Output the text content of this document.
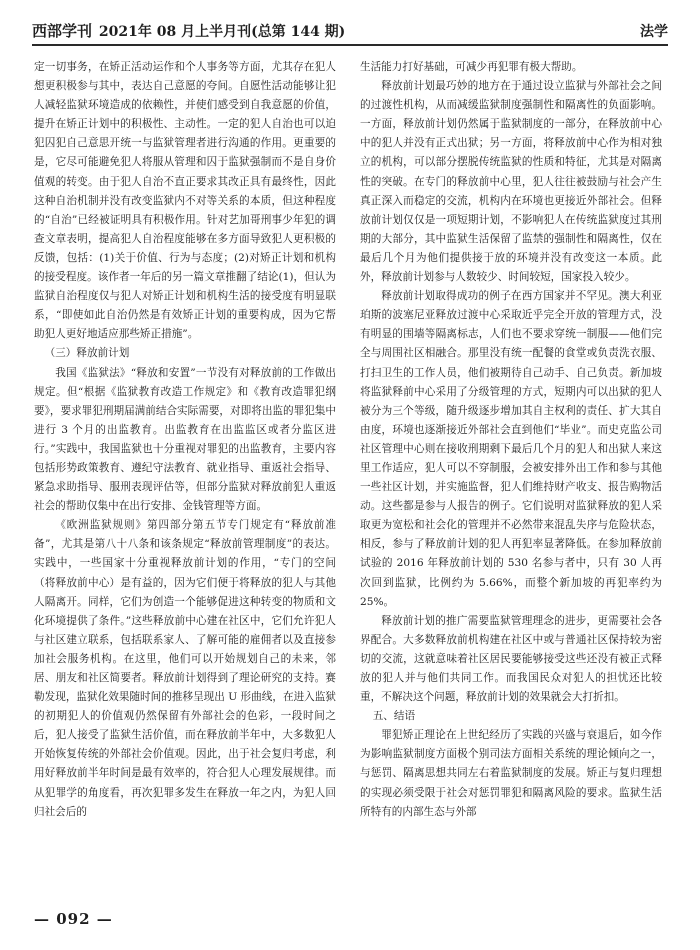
西部学刊 2021年 08 月上半月刊(总第 144 期)	法学

定一切事务，在矫正活动运作和个人事务等方面，尤其存在犯人想更积极参与其中，表达自己意愿的夸间。自愿性活动能够让犯人减轻监狱环境造成的依赖性，并使们感受到自我意愿的价值，提升在矫正计划中的积极性、主动性。一定的犯人自治也可以迫犯囚犯自己意思开统一与监狱管理者进行沟通的作用。更重要的是，它尽可能避免犯人将服从管理和囚于监狱强制而不是自身价值观的转变。由于犯人自治不直正要求其改正具有最终性，因此这种自治机制并没有改变监狱内不对等关系的本质，但这种程度的“自治”已经被证明具有积极作用。针对艺加哥刑事少年犯的调查文章表明，提高犯人自治程度能够在多方面导致犯人更积极的反馈，包括：(1)关于价值、行为与态度；(2)对矫正计划和机构的接受程度。该作者一年后的另一篇文章推翻了结论(1)，但认为监狱自治程度仅与犯人对矫正计划和机构生活的接受度有明显联系，“即使如此自治仍然是有效矫正计划的重要构成，因为它帮助犯人更好地适应那些矫正措施”。

（三）释放前计划

我国《监狱法》“释放和安置”一节没有对释放前的工作做出规定。但“根据《监狱教育改造工作规定》和《教育改造罪犯纲要》，要求罪犯刑期届满前结合实际需要，对即将出监的罪犯集中进行 3 个月的出监教育。出监教育在出监监区或者分监区进行。”实践中，我国监狱也十分重视对罪犯的出监教育，主要内容包括形势政策教育、遵纪守法教育、就业指导、重返社会指导、紧急求助指导、服刑表现评估等，但部分监狱对释放前犯人重返社会的帮助仅集中在出行安排、金钱管理等方面。

《欧洲监狱规则》第四部分第五节专门规定有“释放前准备”，尤其是第八十八条和该条规定“释放前管理制度”的表达。实践中，一些国家十分重视释放前计划的作用，“专门的空间（将释放前中心）是有益的，因为它们便于将释放的犯人与其他人隔离开。同样，它们为创造一个能够促进这种转变的物质和文化环境提供了条件。”这些释放前中心建在社区中，它们允许犯人与社区建立联系，包括联系家人、了解可能的雇佣者以及直接参加社会服务机构。在这里，他们可以开始规划自己的未来，邻居、朋友和社区简要者。释放前计划得到了理论研究的支持。赛勒发现，监狱化效果随时间的推移呈现出 U 形曲线，在进入监狱的初期犯人的价值观仍然保留有外部社会的色彩，一段时间之后，犯人接受了监狱生活价值，而在释放前半年中，大多数犯人开始恢复传统的外部社会价值观。因此，出于社会复归考虑，利用好释放前半年时间是最有效率的，符合犯人心理发展规律。而从犯罪学的角度看，再次犯罪多发生在释放一年之内，为犯人回归社会后的

生活能力打好基础，可减少再犯罪有极大帮助。

释放前计划最巧妙的地方在于通过设立监狱与外部社会之间的过渡性机构，从而减缓监狱制度强制性和隔离性的负面影响。一方面，释放前计划仍然属于监狱制度的一部分，在释放前中心中的犯人并没有正式出狱；另一方面，将释放前中心作为相对独立的机构，可以部分摆脱传统监狱的性质和特征，尤其是对隔离性的突破。在专门的释放前中心里，犯人往往被鼓励与社会产生真正深入而稳定的交流，机构内在环境也更接近外部社会。但释放前计划仅仅是一项短期计划，不影响犯人在传统监狱度过其刑期的大部分，其中监狱生活保留了监禁的强制性和隔离性，仅在最后几个月为他们提供接于放的环境并没有改变这一本质。此外，释放前计划参与人数较少、时间较短，国家投入较少。

释放前计划取得成功的例子在西方国家并不罕见。澳大利亚珀斯的波塞尼亚释放过渡中心采取近乎完全开放的管理方式，没有明显的围墙等隔离标志，人们也不要求穿统一制服——他们完全与周围社区相融合。那里没有统一配餐的食堂或负责洗衣服、打扫卫生的工作人员，他们被期待自己动手、自己负责。新加坡将监狱释前中心采用了分级管理的方式，短期内可以出狱的犯人被分为三个等级，随升级逐步增加其自主权利的责任、扩大其自由度，环境也逐渐接近外部社会直到他们“毕业”。而史克监公司社区管理中心则在接收刑期剩下最后几个月的犯人和出狱人来这里工作适应，犯人可以不穿制服，会被安排外出工作和参与其他一些社区计划，并实施监督，犯人们维持财产收支、报告购物活动。这些都是参与人报告的例子。它们说明对监狱释放的犯人采取更为宽松和社会化的管理并不必然带来混乱失序与危险状态，相反，参与了释放前计划的犯人再犯率显著降低。在参加释放前试验的 2016 年释放前计划的 530 名参与者中，只有 30 人再次回到监狱，比例约为 5.66%，而整个新加坡的再犯率约为 25%。

释放前计划的推广需要监狱管理理念的进步，更需要社会各界配合。大多数释放前机构建在社区中或与普通社区保持较为密切的交流，这就意味着社区居民要能够接受这些还没有被正式释放的犯人并与他们共同工作。而我国民众对犯人的担忧还比较重，不解决这个问题，释放前计划的效果就会大打折扣。

五、结语

罪犯矫正理论在上世纪经历了实践的兴盛与衰退后，如今作为影响监狱制度方面极个别司法方面相关系统的理论倾向之一，与惩罚、隔离思想共同左右着监狱制度的发展。矫正与复归理想的实现必须受限于社会对惩罚罪犯和隔离风险的要求。监狱生活所特有的内部生态与外部

— 092 —
